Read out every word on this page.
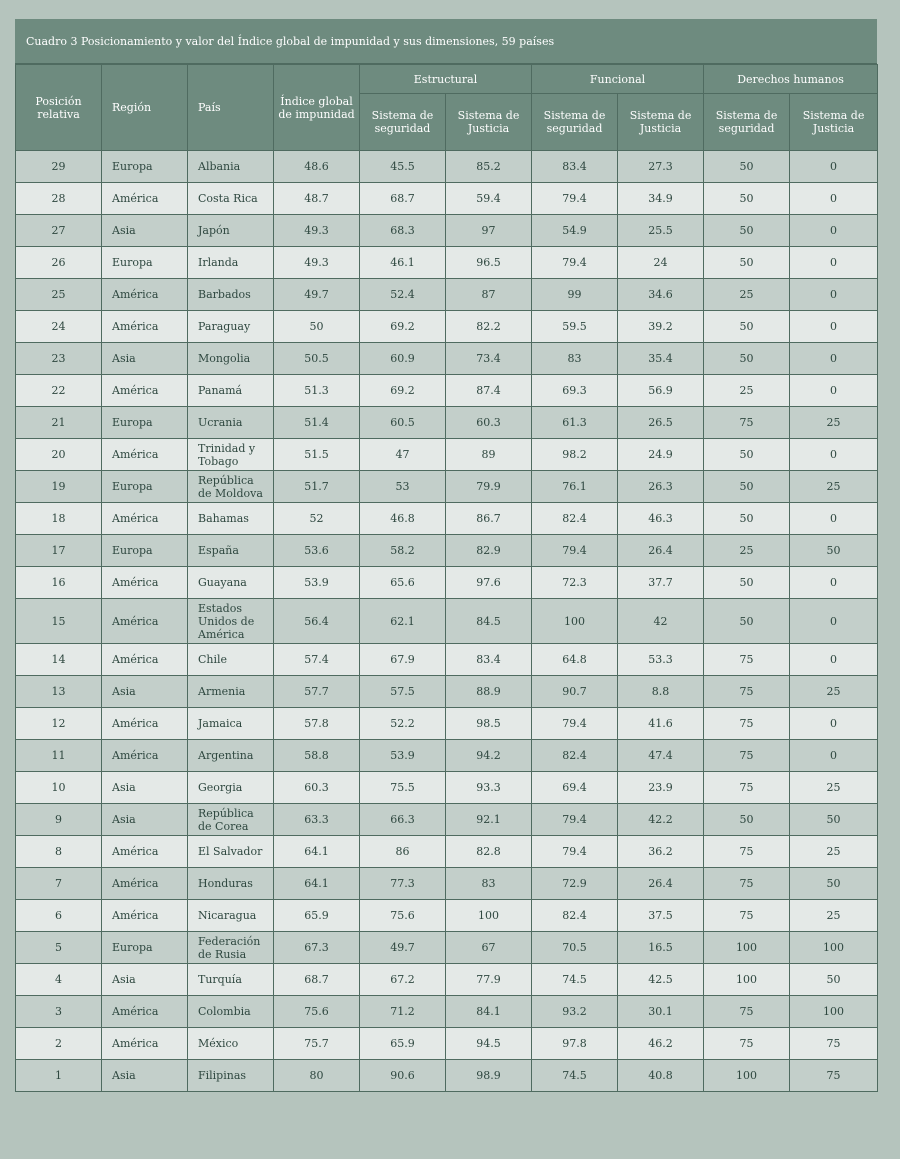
Cuadro 3 Posicionamiento y valor del Índice global de impunidad y sus dimensiones, 59 países
Posición relativa	Región	País	Índice global de impunidad	Estructural		Funcional		Derechos humanos	
				Sistema de seguridad	Sistema de Justicia	Sistema de seguridad	Sistema de Justicia	Sistema de seguridad	Sistema de Justicia
29	Europa	Albania	48.6	45.5	85.2	83.4	27.3	50	0
28	América	Costa Rica	48.7	68.7	59.4	79.4	34.9	50	0
27	Asia	Japón	49.3	68.3	97	54.9	25.5	50	0
26	Europa	Irlanda	49.3	46.1	96.5	79.4	24	50	0
25	América	Barbados	49.7	52.4	87	99	34.6	25	0
24	América	Paraguay	50	69.2	82.2	59.5	39.2	50	0
23	Asia	Mongolia	50.5	60.9	73.4	83	35.4	50	0
22	América	Panamá	51.3	69.2	87.4	69.3	56.9	25	0
21	Europa	Ucrania	51.4	60.5	60.3	61.3	26.5	75	25
20	América	Trinidad y Tobago	51.5	47	89	98.2	24.9	50	0
19	Europa	República de Moldova	51.7	53	79.9	76.1	26.3	50	25
18	América	Bahamas	52	46.8	86.7	82.4	46.3	50	0
17	Europa	España	53.6	58.2	82.9	79.4	26.4	25	50
16	América	Guayana	53.9	65.6	97.6	72.3	37.7	50	0
15	América	Estados Unidos de América	56.4	62.1	84.5	100	42	50	0
14	América	Chile	57.4	67.9	83.4	64.8	53.3	75	0
13	Asia	Armenia	57.7	57.5	88.9	90.7	8.8	75	25
12	América	Jamaica	57.8	52.2	98.5	79.4	41.6	75	0
11	América	Argentina	58.8	53.9	94.2	82.4	47.4	75	0
10	Asia	Georgia	60.3	75.5	93.3	69.4	23.9	75	25
9	Asia	República de Corea	63.3	66.3	92.1	79.4	42.2	50	50
8	América	El Salvador	64.1	86	82.8	79.4	36.2	75	25
7	América	Honduras	64.1	77.3	83	72.9	26.4	75	50
6	América	Nicaragua	65.9	75.6	100	82.4	37.5	75	25
5	Europa	Federación de Rusia	67.3	49.7	67	70.5	16.5	100	100
4	Asia	Turquía	68.7	67.2	77.9	74.5	42.5	100	50
3	América	Colombia	75.6	71.2	84.1	93.2	30.1	75	100
2	América	México	75.7	65.9	94.5	97.8	46.2	75	75
1	Asia	Filipinas	80	90.6	98.9	74.5	40.8	100	75
